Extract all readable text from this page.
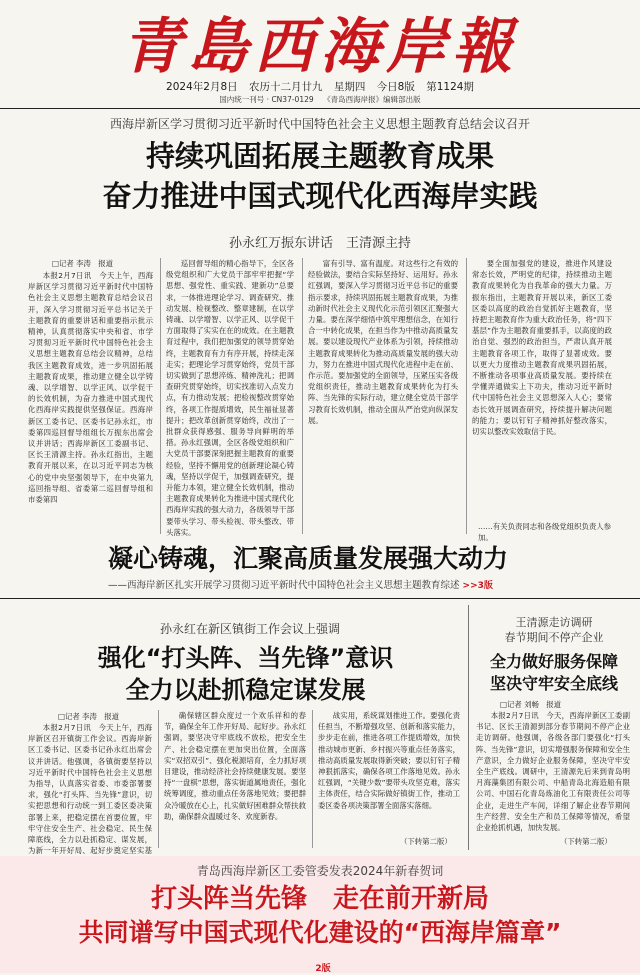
青島西海岸報
2024年2月8日 农历十二月廿九 星期四 今日8版 第1124期
国内统一刊号 · CN37-0129 《青岛西海岸报》编辑部出版
西海岸新区学习贯彻习近平新时代中国特色社会主义思想主题教育总结会议召开
持续巩固拓展主题教育成果
奋力推进中国式现代化西海岸实践
孙永红万振东讲话　王清源主持
□记者 李涛　报道

本报2月7日讯　今天上午，西海岸新区学习贯彻习近平新时代中国特色社会主义思想主题教育总结会议召开，深入学习贯彻习近平总书记关于主题教育的重要讲话和重要指示批示精神，认真贯彻落实中央和省、市学习贯彻习近平新时代中国特色社会主义思想主题教育总结会议精神，总结我区主题教育成效，进一步巩固拓展主题教育成果，推动建立健全以学铸魂、以学增智、以学正风、以学促干的长效机制，为奋力推进中国式现代化西海岸实践提供坚强保证。西海岸新区工委书记、区委书记孙永红，市委第四巡回督导组组长万振东出席会议并讲话；西海岸新区工委副书记、区长王清源主持。孙永红指出，主题教育开展以来，在以习近平同志为核心的党中央坚强领导下，在中央第九巡回指导组、省委第二巡回督导组和市委第四

巡回督导组的精心指导下，全区各级党组织和广大党员干部牢牢把握“学思想、强党性、重实践、建新功”总要求，一体推进理论学习、调查研究、推动发展、检视整改、整章建制，在以学铸魂、以学增智、以学正风、以学促干方面取得了实实在在的成效。在主题教育过程中，我们把加强党的领导贯穿始终，主题教育有力有序开展，持续走深走实；把理论学习贯穿始终，党员干部切实做到了思想淬炼、精神洗礼；把调查研究贯穿始终，切实找准切入点发力点，有力推动发展；把检视整改贯穿始终，各项工作提质增效，民生福祉显著提升；把改革创新贯穿始终，改出了一批群众获得感强、服务导向鲜明的举措。孙永红强调，全区各级党组织和广大党员干部要深刻把握主题教育的重要经验，坚持不懈用党的创新理论凝心铸魂，坚持以学促干，加强调查研究，提升能力本领，建立健全长效机制，推动主题教育成果转化为推进中国式现代化西海岸实践的强大动力，各级领导干部要带头学习、带头检视、带头整改、带头落实。

富有引导、富有温度。对这些行之有效的经验做法，要结合实际坚持好、运用好。孙永红强调，要深入学习贯彻习近平总书记的重要指示要求，持续巩固拓展主题教育成果，为推动新时代社会主义现代化示范引领区汇聚强大力量。要在深学细悟中筑牢理想信念，在知行合一中转化成果，在担当作为中推动高质量发展。要以建设现代产业体系为引领，持续推动主题教育成果转化为推动高质量发展的强大动力，努力在推进中国式现代化进程中走在前、作示范。要加强党的全面领导，压紧压实各级党组织责任，推动主题教育成果转化为打头阵、当先锋的实际行动，建立健全党员干部学习教育长效机制，推动全面从严治党向纵深发展。

要全面加强党的建设，推进作风建设常态长效，严明党的纪律，持续推动主题教育成果转化为自我革命的强大力量。万振东指出，主题教育开展以来，新区工委区委以高度的政治自觉抓好主题教育，坚持把主题教育作为重大政治任务，将“四下基层”作为主题教育重要抓手，以高度的政治自觉、强烈的政治担当，严肃认真开展主题教育各项工作，取得了显著成效。要以更大力度推动主题教育成果巩固拓展，不断推动各项事业高质量发展。要持续在学懂弄通做实上下功夫，推动习近平新时代中国特色社会主义思想深入人心；要常态长效开展调查研究，持续提升解决问题的能力；要以钉钉子精神抓好整改落实，切实以整改实效取信于民。

……有关负责同志和各级党组织负责人参加。
凝心铸魂，汇聚高质量发展强大动力
——西海岸新区扎实开展学习贯彻习近平新时代中国特色社会主义思想主题教育综述 >>3版
孙永红在新区镇街工作会议上强调
强化“打头阵、当先锋”意识
全力以赴抓稳定谋发展
□记者 李涛　报道

本报2月7日讯　今天上午，西海岸新区召开镇街工作会议。西海岸新区工委书记、区委书记孙永红出席会议并讲话。他强调，各镇街要坚持以习近平新时代中国特色社会主义思想为指导，认真落实省委、市委部署要求，强化“打头阵、当先锋”意识，切实把思想和行动统一到工委区委决策部署上来，把稳定摆在首要位置，牢牢守住安全生产、社会稳定、民生保障底线，全力以赴抓稳定、谋发展，为新一年开好局、起好步奠定坚实基

确保辖区群众度过一个欢乐祥和的春节，确保全年工作开好局、起好步。孙永红强调，要坚决守牢底线不放松，把安全生产、社会稳定摆在更加突出位置，全面落实“双招双引”、强化税源培育，全力抓好项目建设，推动经济社会持续健康发展。要坚持“一盘棋”思想，落实街道属地责任，强化统筹调度，推动重点任务落地见效；要把群众冷暖放在心上，扎实做好困难群众帮扶救助，确保群众温暖过冬、欢度新春。

战实用，系统谋划推进工作。要强化责任担当，不断增强攻坚、创新和落实能力，步步走在前，推进各项工作提质增效，加快推动城市更新、乡村振兴等重点任务落实，推动高质量发展取得新突破；要以钉钉子精神狠抓落实，确保各项工作落地见效。孙永红强调，“关键少数”要带头攻坚克难，落实主体责任，结合实际做好镇街工作，推动工委区委各项决策部署全面落实落细。

（下转第二版）
王清源走访调研
春节期间不停产企业
全力做好服务保障
坚决守牢安全底线
□记者 刘畅　报道

本报2月7日讯　今天，西海岸新区工委副书记、区长王清源到部分春节期间不停产企业走访调研。他强调，各级各部门要强化“打头阵、当先锋”意识，切实增强服务保障和安全生产意识，全力做好企业服务保障，坚决守牢安全生产底线。调研中，王清源先后来到青岛明月海藻集团有限公司、中船青岛北海造船有限公司、中国石化青岛炼油化工有限责任公司等企业，走进生产车间，详细了解企业春节期间生产经营、安全生产和员工保障等情况，希望企业抢抓机遇，加快发展。

（下转第二版）
青岛西海岸新区工委管委发表2024年新春贺词
打头阵当先锋　走在前开新局
共同谱写中国式现代化建设的“西海岸篇章”
2版
